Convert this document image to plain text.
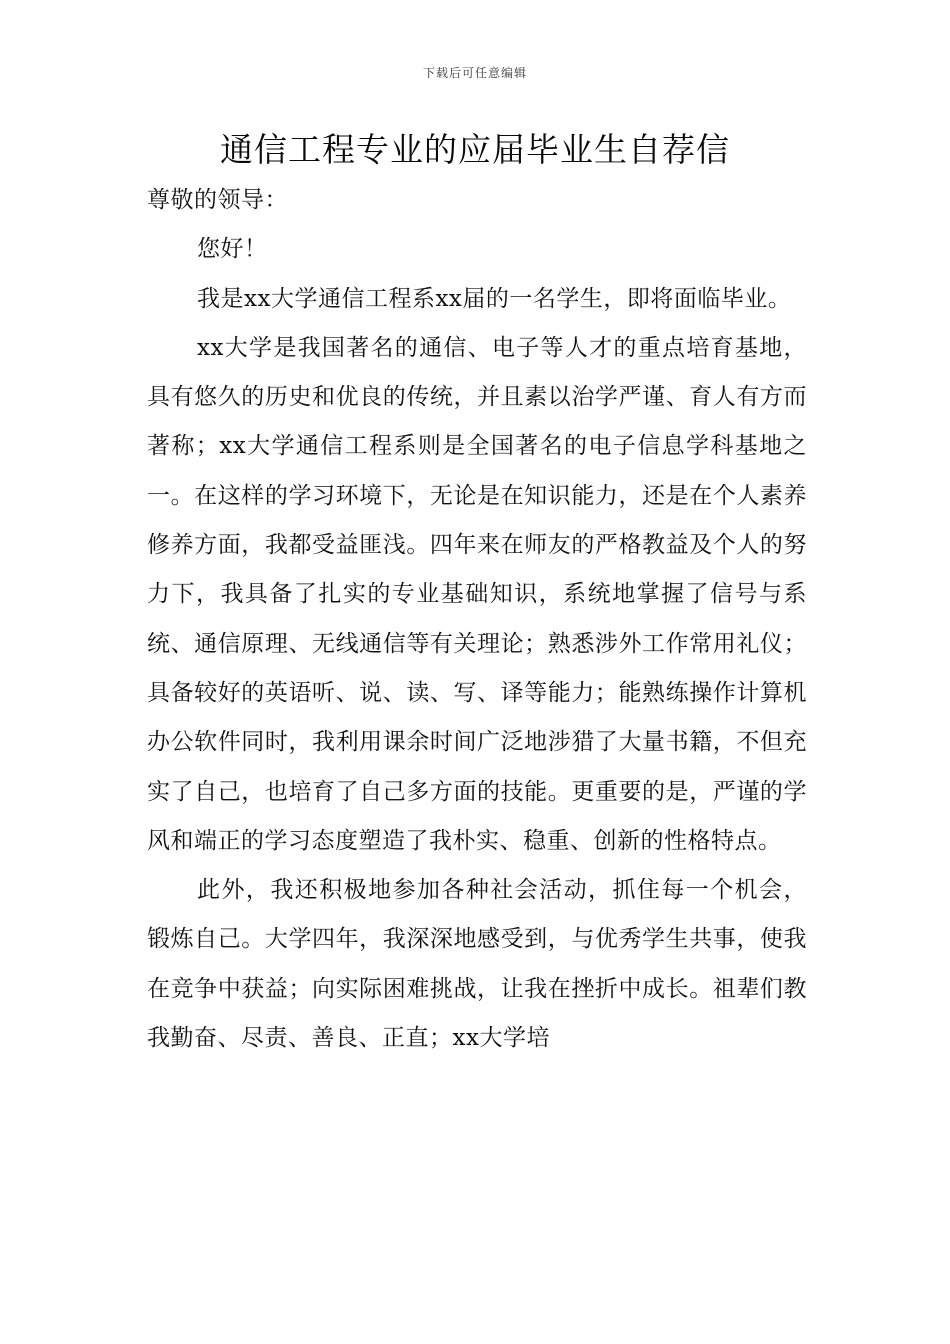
下载后可任意编辑
通信工程专业的应届毕业生自荐信

尊敬的领导：

您好！

我是xx大学通信工程系xx届的一名学生，即将面临毕业。

xx大学是我国著名的通信、电子等人才的重点培育基地，具有悠久的历史和优良的传统，并且素以治学严谨、育人有方而著称；xx大学通信工程系则是全国著名的电子信息学科基地之一。在这样的学习环境下，无论是在知识能力，还是在个人素养修养方面，我都受益匪浅。四年来在师友的严格教益及个人的努力下，我具备了扎实的专业基础知识，系统地掌握了信号与系统、通信原理、无线通信等有关理论；熟悉涉外工作常用礼仪；具备较好的英语听、说、读、写、译等能力；能熟练操作计算机办公软件同时，我利用课余时间广泛地涉猎了大量书籍，不但充实了自己，也培育了自己多方面的技能。更重要的是，严谨的学风和端正的学习态度塑造了我朴实、稳重、创新的性格特点。

此外，我还积极地参加各种社会活动，抓住每一个机会，锻炼自己。大学四年，我深深地感受到，与优秀学生共事，使我在竞争中获益；向实际困难挑战，让我在挫折中成长。祖辈们教我勤奋、尽责、善良、正直；xx大学培
